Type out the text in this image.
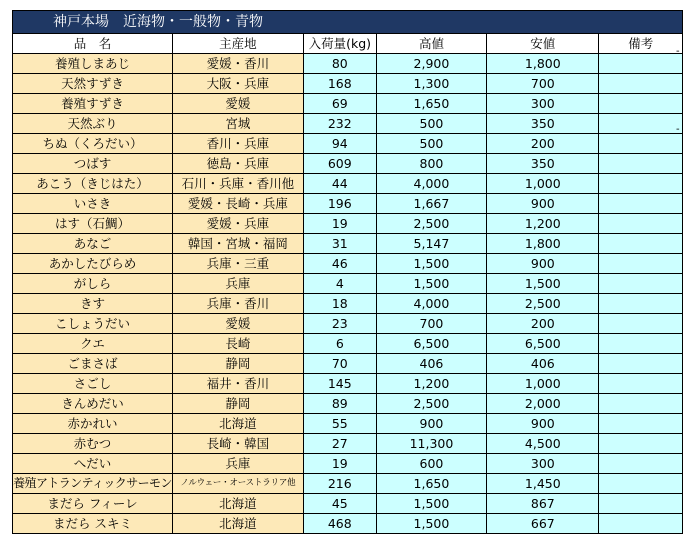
神戸本場　近海物・一般物・青物					
品　名	主産地	入荷量(kg)	高値	安値	備考
養殖しまあじ	愛媛・香川	80	2,900	1,800	
天然すずき	大阪・兵庫	168	1,300	700	
養殖すずき	愛媛	69	1,650	300	
天然ぶり	宮城	232	500	350	
ちぬ（くろだい）	香川・兵庫	94	500	200	
つばす	徳島・兵庫	609	800	350	
あこう（きじはた）	石川・兵庫・香川他	44	4,000	1,000	
いさき	愛媛・長崎・兵庫	196	1,667	900	
はす（石鯛）	愛媛・兵庫	19	2,500	1,200	
あなご	韓国・宮城・福岡	31	5,147	1,800	
あかしたびらめ	兵庫・三重	46	1,500	900	
がしら	兵庫	4	1,500	1,500	
きす	兵庫・香川	18	4,000	2,500	
こしょうだい	愛媛	23	700	200	
クエ	長崎	6	6,500	6,500	
ごまさば	静岡	70	406	406	
さごし	福井・香川	145	1,200	1,000	
きんめだい	静岡	89	2,500	2,000	
赤かれい	北海道	55	900	900	
赤むつ	長崎・韓国	27	11,300	4,500	
へだい	兵庫	19	600	300	
養殖アトランティックサーモン	ノルウェー・オーストラリア他	216	1,650	1,450	
まだら フィーレ	北海道	45	1,500	867	
まだら スキミ	北海道	468	1,500	667	
-
-
